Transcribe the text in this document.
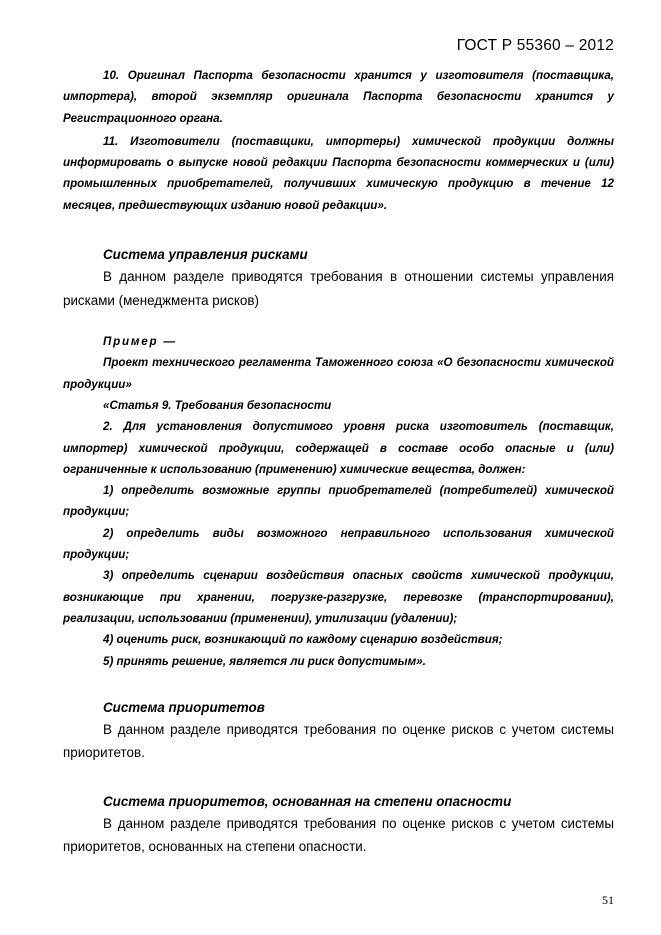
ГОСТ Р 55360 – 2012

10. Оригинал Паспорта безопасности хранится у изготовителя (поставщика, импортера), второй экземпляр оригинала Паспорта безопасности хранится у Регистрационного органа.

11. Изготовители (поставщики, импортеры) химической продукции должны информировать о выпуске новой редакции Паспорта безопасности коммерческих и (или) промышленных приобретателей, получивших химическую продукцию в течение 12 месяцев, предшествующих изданию новой редакции».

Система управления рисками

В данном разделе приводятся требования в отношении системы управления рисками (менеджмента рисков)

Пример —

Проект технического регламента Таможенного союза «О безопасности химической продукции»

«Статья 9. Требования безопасности

2. Для установления допустимого уровня риска изготовитель (поставщик, импортер) химической продукции, содержащей в составе особо опасные и (или) ограниченные к использованию (применению) химические вещества, должен:

1) определить возможные группы приобретателей (потребителей) химической продукции;

2) определить виды возможного неправильного использования химической продукции;

3) определить сценарии воздействия опасных свойств химической продукции, возникающие при хранении, погрузке-разгрузке, перевозке (транспортировании), реализации, использовании (применении), утилизации (удалении);

4) оценить риск, возникающий по каждому сценарию воздействия;

5) принять решение, является ли риск допустимым».

Система приоритетов

В данном разделе приводятся требования по оценке рисков с учетом системы приоритетов.

Система приоритетов, основанная на степени опасности

В данном разделе приводятся требования по оценке рисков с учетом системы приоритетов, основанных на степени опасности.

51
